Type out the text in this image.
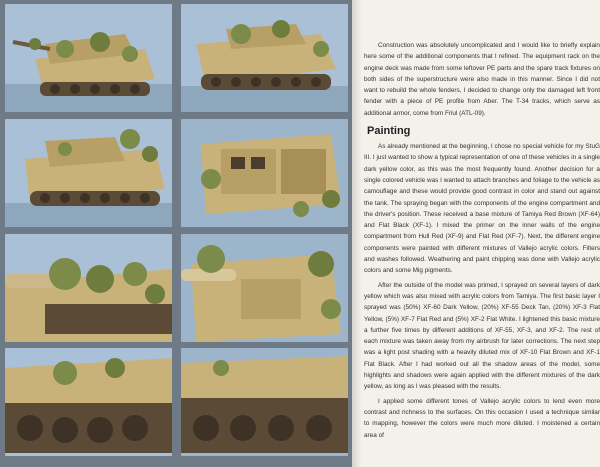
Construction was absolutely uncomplicated and I would like to briefly explain here some of the additional components that I refined. The equipment rack on the engine deck was made from some leftover PE parts and the spare track fixtures on both sides of the superstructure were also made in this manner. Since I did not want to rebuild the whole fenders, I decided to change only the damaged left front fender with a piece of PE profile from Aber. The T-34 tracks, which serve as additional armor, come from Friul (ATL-09).

Painting

As already mentioned at the beginning, I chose no special vehicle for my StuG III. I just wanted to show a typical representation of one of these vehicles in a single dark yellow color, as this was the most frequently found. Another decision for a single colored vehicle was I wanted to attach branches and foliage to the vehicle as camouflage and these would provide good contrast in color and stand out against the tank. The spraying began with the components of the engine compartment and the driver's position. These received a base mixture of Tamiya Red Brown (XF-64) and Flat Black (XF-1). I mixed the primer on the inner walls of the engine compartment from Hull Red (XF-9) and Flat Red (XF-7). Next, the different engine components were painted with different mixtures of Vallejo acrylic colors. Filters and washes followed. Weathering and paint chipping was done with Vallejo acrylic colors and some Mig pigments.

After the outside of the model was primed, I sprayed on several layers of dark yellow which was also mixed with acrylic colors from Tamiya. The first basic layer I sprayed was (50%) XF-60 Dark Yellow, (20%) XF-55 Deck Tan, (20%) XF-3 Flat Yellow, (5%) XF-7 Flat Red and (5%) XF-2 Flat White. I lightened this basic mixture a further five times by different additions of XF-55, XF-3, and XF-2. The rest of each mixture was taken away from my airbrush for later corrections. The next step was a light post shading with a heavily diluted mix of XF-10 Flat Brown and XF-1 Flat Black. After I had worked out all the shadow areas of the model, some highlights and shadows were again applied with the different mixtures of the dark yellow, as long as I was pleased with the results.

I applied some different tones of Vallejo acrylic colors to lend even more contrast and richness to the surfaces. On this occasion I used a technique similar to mapping, however the colors were much more diluted. I moistened a certain area of
